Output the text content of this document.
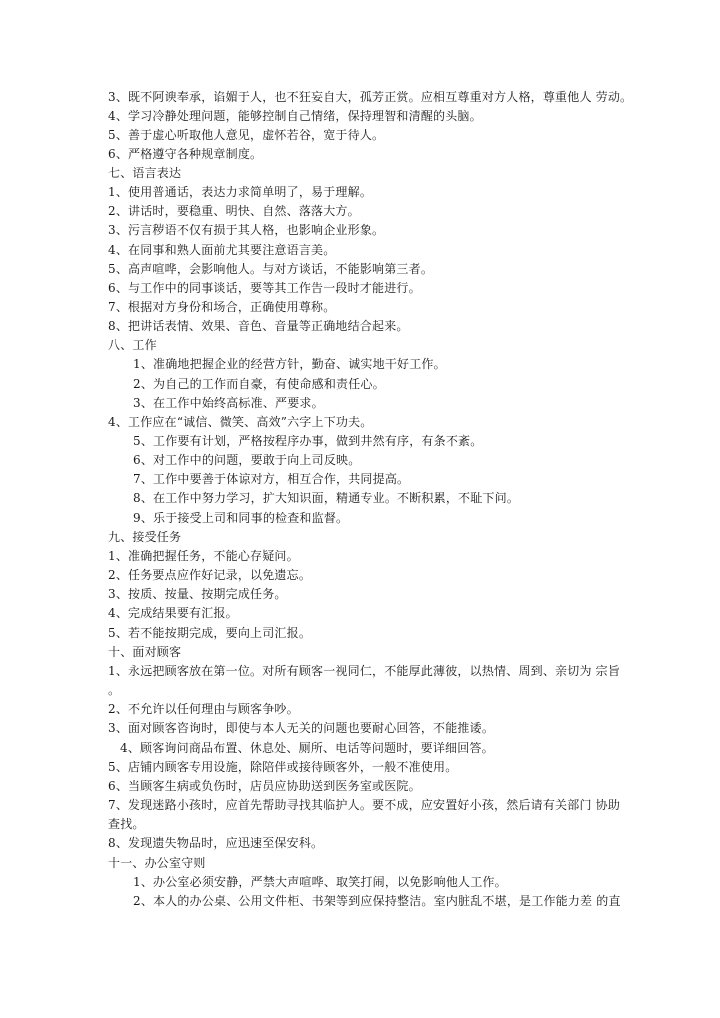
3、既不阿谀奉承，谄媚于人，也不狂妄自大，孤芳正赏。应相互尊重对方人格，尊重他人 劳动。
4、学习冷静处理问题，能够控制自己情绪，保持理智和清醒的头脑。
5、善于虚心听取他人意见，虚怀若谷，宽于待人。
6、严格遵守各种规章制度。
七、语言表达
1、使用普通话，表达力求简单明了，易于理解。
2、讲话时，要稳重、明快、自然、落落大方。
3、污言秽语不仅有损于其人格，也影响企业形象。
4、在同事和熟人面前尤其要注意语言美。
5、高声喧哗，会影响他人。与对方谈话，不能影响第三者。
6、与工作中的同事谈话，要等其工作告一段时才能进行。
7、根据对方身份和场合，正确使用尊称。
8、把讲话表情、效果、音色、音量等正确地结合起来。
八、工作
1、准确地把握企业的经营方针，勤奋、诚实地干好工作。
2、为自己的工作而自豪，有使命感和责任心。
3、在工作中始终高标准、严要求。
4、工作应在“诚信、微笑、高效”六字上下功夫。
5、工作要有计划，严格按程序办事，做到井然有序，有条不紊。
6、对工作中的问题，要敢于向上司反映。
7、工作中要善于体谅对方，相互合作，共同提高。
8、在工作中努力学习，扩大知识面，精通专业。不断积累，不耻下问。
9、乐于接受上司和同事的检查和监督。
九、接受任务
1、准确把握任务，不能心存疑问。
2、任务要点应作好记录，以免遗忘。
3、按质、按量、按期完成任务。
4、完成结果要有汇报。
5、若不能按期完成，要向上司汇报。
十、面对顾客
1、永远把顾客放在第一位。对所有顾客一视同仁，不能厚此薄彼，以热情、周到、亲切为 宗旨
。
2、不允许以任何理由与顾客争吵。
3、面对顾客咨询时，即使与本人无关的问题也要耐心回答，不能推诿。
4、顾客询问商品布置、休息处、厕所、电话等问题时，要详细回答。
5、店铺内顾客专用设施，除陪伴或接待顾客外，一般不准使用。
6、当顾客生病或负伤时，店员应协助送到医务室或医院。
7、发现迷路小孩时，应首先帮助寻找其临护人。要不成，应安置好小孩，然后请有关部门 协助
查找。
8、发现遗失物品时，应迅速至保安科。
十一、办公室守则
1、办公室必须安静，严禁大声喧哗、取笑打闹，以免影响他人工作。
2、本人的办公桌、公用文件柜、书架等到应保持整洁。室内脏乱不堪，是工作能力差 的直
